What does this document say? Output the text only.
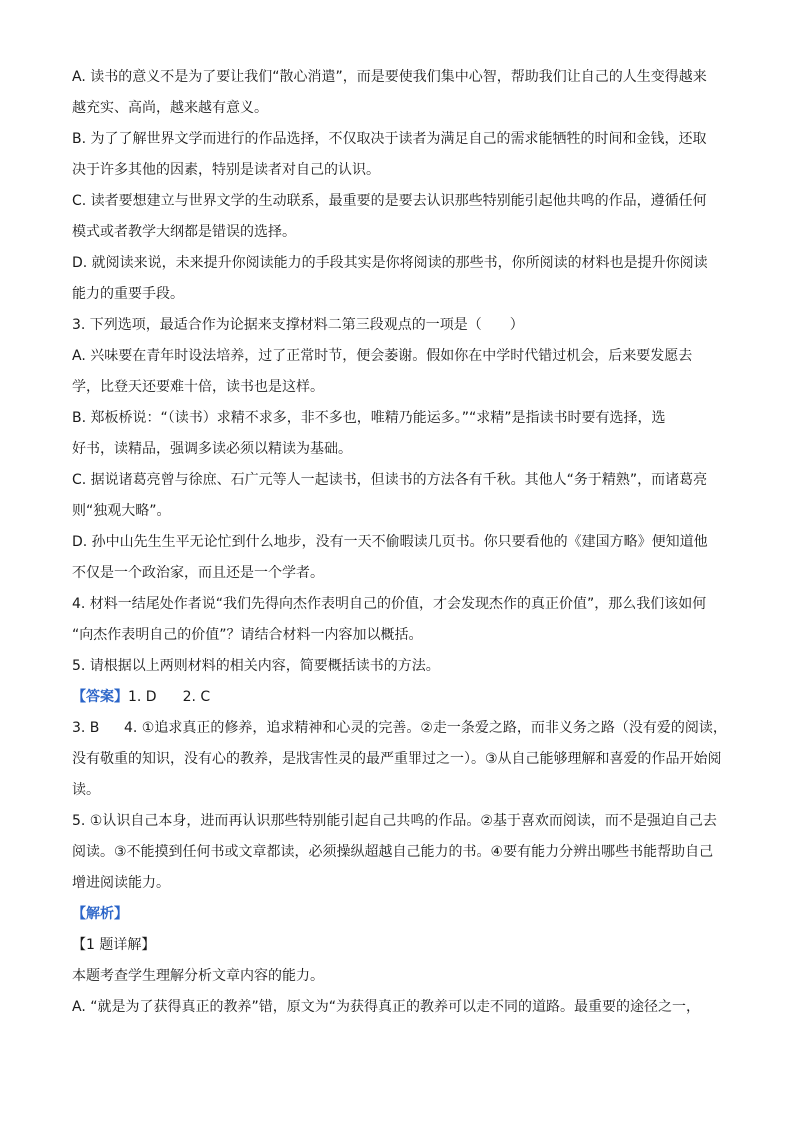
A. 读书的意义不是为了要让我们“散心消遣”，而是要使我们集中心智，帮助我们让自己的人生变得越来
越充实、高尚，越来越有意义。
B. 为了了解世界文学而进行的作品选择，不仅取决于读者为满足自己的需求能牺牲的时间和金钱，还取
决于许多其他的因素，特别是读者对自己的认识。
C. 读者要想建立与世界文学的生动联系，最重要的是要去认识那些特别能引起他共鸣的作品，遵循任何
模式或者教学大纲都是错误的选择。
D. 就阅读来说，未来提升你阅读能力的手段其实是你将阅读的那些书，你所阅读的材料也是提升你阅读
能力的重要手段。
3. 下列选项，最适合作为论据来支撑材料二第三段观点的一项是（　　）
A. 兴味要在青年时设法培养，过了正常时节，便会萎谢。假如你在中学时代错过机会，后来要发愿去
学，比登天还要难十倍，读书也是这样。
B. 郑板桥说：“（读书）求精不求多，非不多也，唯精乃能运多。”“求精”是指读书时要有选择，选
好书，读精品，强调多读必须以精读为基础。
C. 据说诸葛亮曾与徐庶、石广元等人一起读书，但读书的方法各有千秋。其他人“务于精熟”，而诸葛亮
则“独观大略”。
D. 孙中山先生生平无论忙到什么地步，没有一天不偷暇读几页书。你只要看他的《建国方略》便知道他
不仅是一个政治家，而且还是一个学者。
4. 材料一结尾处作者说“我们先得向杰作表明自己的价值，才会发现杰作的真正价值”，那么我们该如何
“向杰作表明自己的价值”？请结合材料一内容加以概括。
5. 请根据以上两则材料的相关内容，简要概括读书的方法。
【答案】1. D 2. C
3. B 4. ①追求真正的修养，追求精神和心灵的完善。②走一条爱之路，而非义务之路（没有爱的阅读，
没有敬重的知识，没有心的教养，是戕害性灵的最严重罪过之一）。③从自己能够理解和喜爱的作品开始阅
读。
5. ①认识自己本身，进而再认识那些特别能引起自己共鸣的作品。②基于喜欢而阅读，而不是强迫自己去
阅读。③不能摸到任何书或文章都读，必须操纵超越自己能力的书。④要有能力分辨出哪些书能帮助自己
增进阅读能力。
【解析】
【1 题详解】
本题考查学生理解分析文章内容的能力。
A. “就是为了获得真正的教养”错，原文为“为获得真正的教养可以走不同的道路。最重要的途径之一，
